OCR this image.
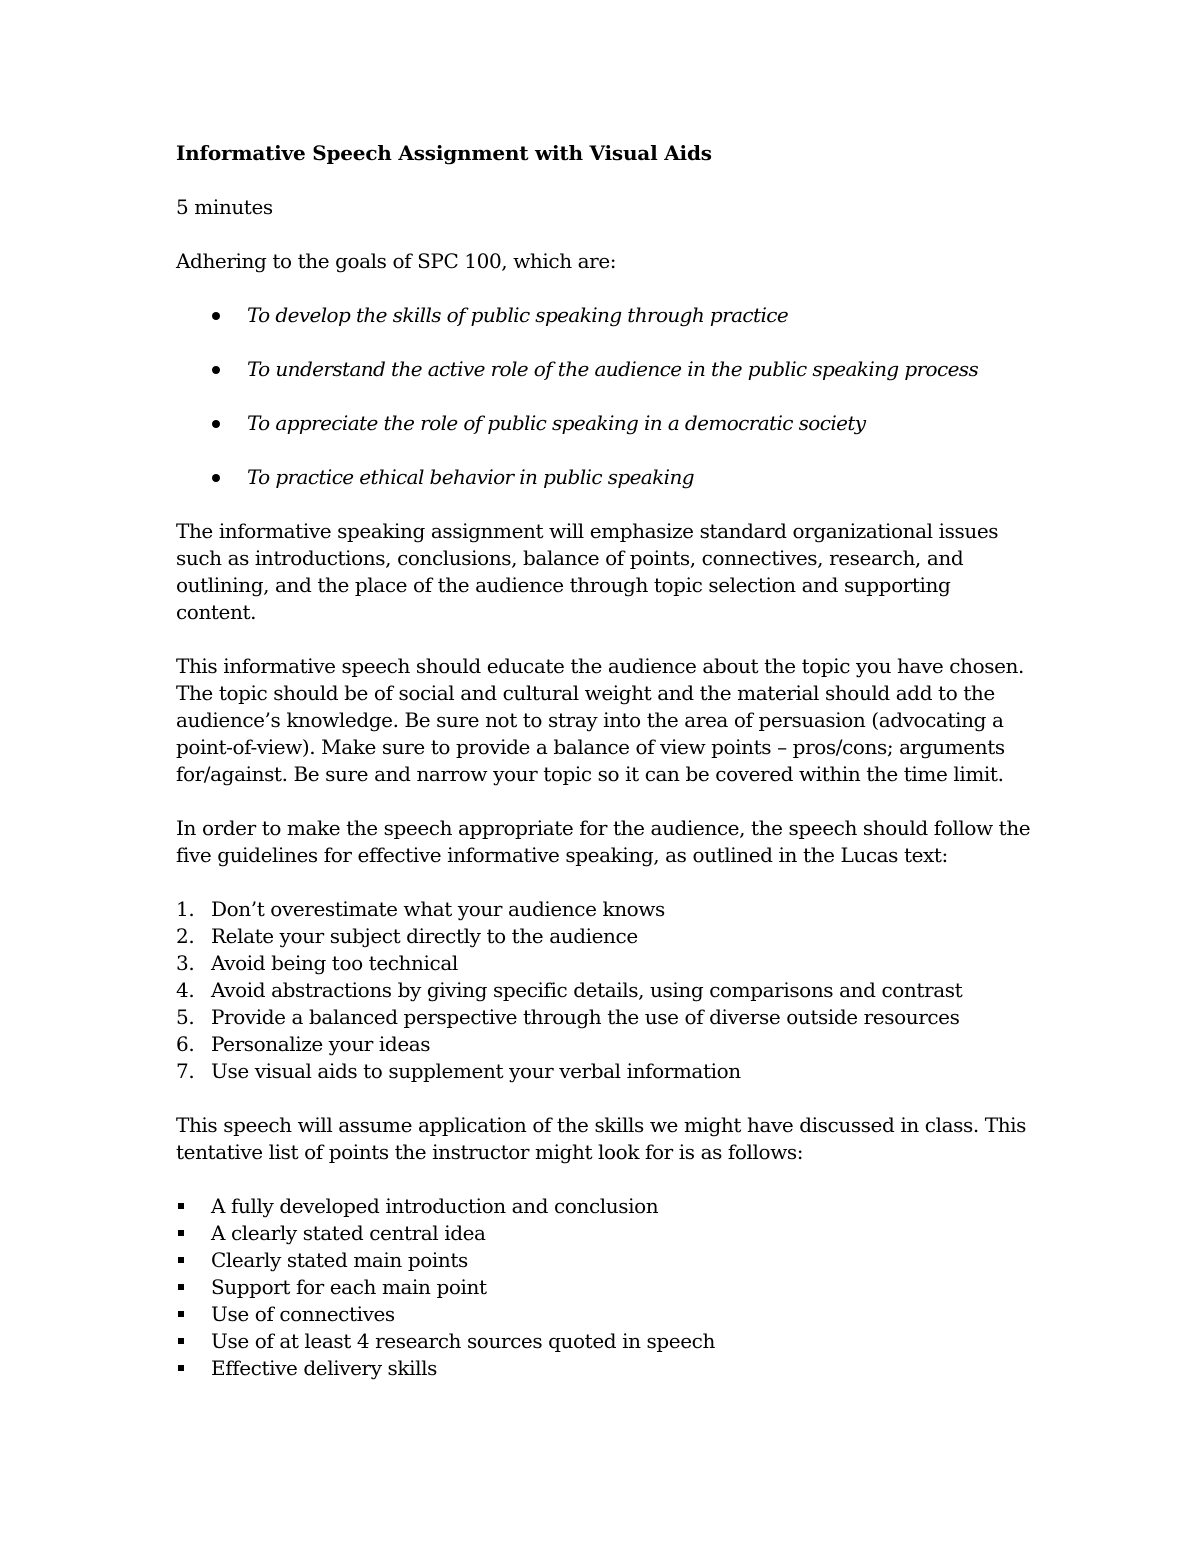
Informative Speech Assignment with Visual Aids

5 minutes

Adhering to the goals of SPC 100, which are:

To develop the skills of public speaking through practice
To understand the active role of the audience in the public speaking process
To appreciate the role of public speaking in a democratic society
To practice ethical behavior in public speaking

The informative speaking assignment will emphasize standard organizational issues such as introductions, conclusions, balance of points, connectives, research, and outlining, and the place of the audience through topic selection and supporting content.

This informative speech should educate the audience about the topic you have chosen. The topic should be of social and cultural weight and the material should add to the audience’s knowledge. Be sure not to stray into the area of persuasion (advocating a point-of-view). Make sure to provide a balance of view points – pros/cons; arguments for/against. Be sure and narrow your topic so it can be covered within the time limit.

In order to make the speech appropriate for the audience, the speech should follow the five guidelines for effective informative speaking, as outlined in the Lucas text:

1. Don’t overestimate what your audience knows
2. Relate your subject directly to the audience
3. Avoid being too technical
4. Avoid abstractions by giving specific details, using comparisons and contrast
5. Provide a balanced perspective through the use of diverse outside resources
6. Personalize your ideas
7. Use visual aids to supplement your verbal information

This speech will assume application of the skills we might have discussed in class. This tentative list of points the instructor might look for is as follows:

A fully developed introduction and conclusion
A clearly stated central idea
Clearly stated main points
Support for each main point
Use of connectives
Use of at least 4 research sources quoted in speech
Effective delivery skills
